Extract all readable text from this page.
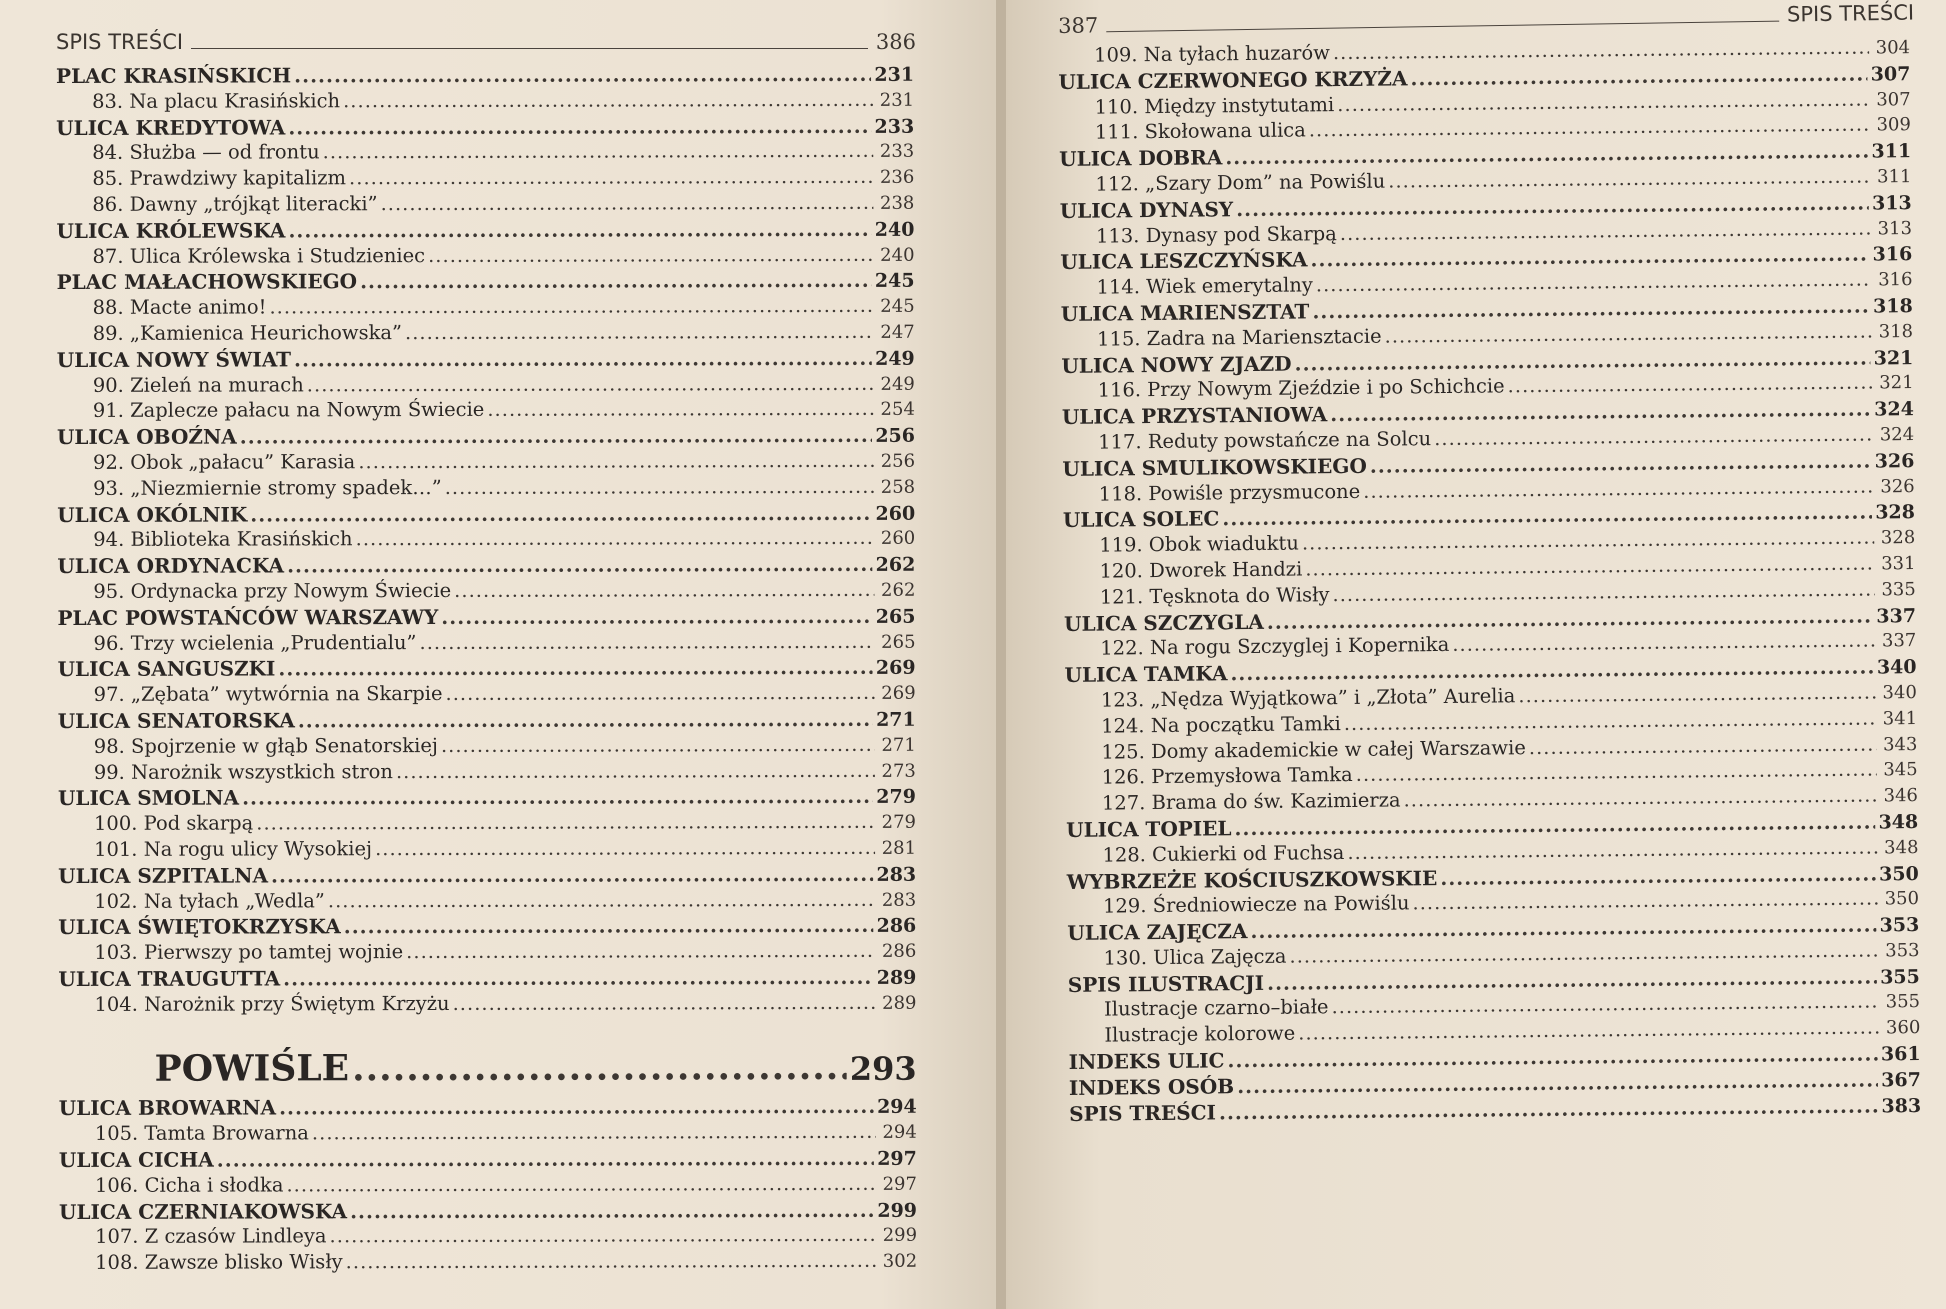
SPIS TREŚCI	386
PLAC KRASIŃSKICH .....	231
83. Na placu Krasińskich .....	231
ULICA KREDYTOWA .....	233
84. Służba — od frontu .....	233
85. Prawdziwy kapitalizm .....	236
86. Dawny „trójkąt literacki” .....	238
ULICA KRÓLEWSKA .....	240
87. Ulica Królewska i Studzieniec .....	240
PLAC MAŁACHOWSKIEGO .....	245
88. Macte animo! .....	245
89. „Kamienica Heurichowska” .....	247
ULICA NOWY ŚWIAT .....	249
90. Zieleń na murach .....	249
91. Zaplecze pałacu na Nowym Świecie .....	254
ULICA OBOŹNA .....	256
92. Obok „pałacu” Karasia .....	256
93. „Niezmiernie stromy spadek…” .....	258
ULICA OKÓLNIK .....	260
94. Biblioteka Krasińskich .....	260
ULICA ORDYNACKA .....	262
95. Ordynacka przy Nowym Świecie .....	262
PLAC POWSTAŃCÓW WARSZAWY .....	265
96. Trzy wcielenia „Prudentialu” .....	265
ULICA SANGUSZKI .....	269
97. „Zębata” wytwórnia na Skarpie .....	269
ULICA SENATORSKA .....	271
98. Spojrzenie w głąb Senatorskiej .....	271
99. Narożnik wszystkich stron .....	273
ULICA SMOLNA .....	279
100. Pod skarpą .....	279
101. Na rogu ulicy Wysokiej .....	281
ULICA SZPITALNA .....	283
102. Na tyłach „Wedla” .....	283
ULICA ŚWIĘTOKRZYSKA .....	286
103. Pierwszy po tamtej wojnie .....	286
ULICA TRAUGUTTA .....	289
104. Narożnik przy Świętym Krzyżu .....	289
POWIŚLE .....	293
ULICA BROWARNA .....	294
105. Tamta Browarna .....	294
ULICA CICHA .....	297
106. Cicha i słodka .....	297
ULICA CZERNIAKOWSKA .....	299
107. Z czasów Lindleya .....	299
108. Zawsze blisko Wisły .....	302
387	SPIS TREŚCI
109. Na tyłach huzarów .....	304
ULICA CZERWONEGO KRZYŻA .....	307
110. Między instytutami .....	307
111. Skołowana ulica .....	309
ULICA DOBRA .....	311
112. „Szary Dom” na Powiślu .....	311
ULICA DYNASY .....	313
113. Dynasy pod Skarpą .....	313
ULICA LESZCZYŃSKA .....	316
114. Wiek emerytalny .....	316
ULICA MARIENSZTAT .....	318
115. Zadra na Mariensztacie .....	318
ULICA NOWY ZJAZD .....	321
116. Przy Nowym Zjeździe i po Schichcie .....	321
ULICA PRZYSTANIOWA .....	324
117. Reduty powstańcze na Solcu .....	324
ULICA SMULIKOWSKIEGO .....	326
118. Powiśle przysmucone .....	326
ULICA SOLEC .....	328
119. Obok wiaduktu .....	328
120. Dworek Handzi .....	331
121. Tęsknota do Wisły .....	335
ULICA SZCZYGLA .....	337
122. Na rogu Szczyglej i Kopernika .....	337
ULICA TAMKA .....	340
123. „Nędza Wyjątkowa” i „Złota” Aurelia .....	340
124. Na początku Tamki .....	341
125. Domy akademickie w całej Warszawie .....	343
126. Przemysłowa Tamka .....	345
127. Brama do św. Kazimierza .....	346
ULICA TOPIEL .....	348
128. Cukierki od Fuchsa .....	348
WYBRZEŻE KOŚCIUSZKOWSKIE .....	350
129. Średniowiecze na Powiślu .....	350
ULICA ZAJĘCZA .....	353
130. Ulica Zajęcza .....	353
SPIS ILUSTRACJI .....	355
Ilustracje czarno–białe .....	355
Ilustracje kolorowe .....	360
INDEKS ULIC .....	361
INDEKS OSÓB .....	367
SPIS TREŚCI .....	383
